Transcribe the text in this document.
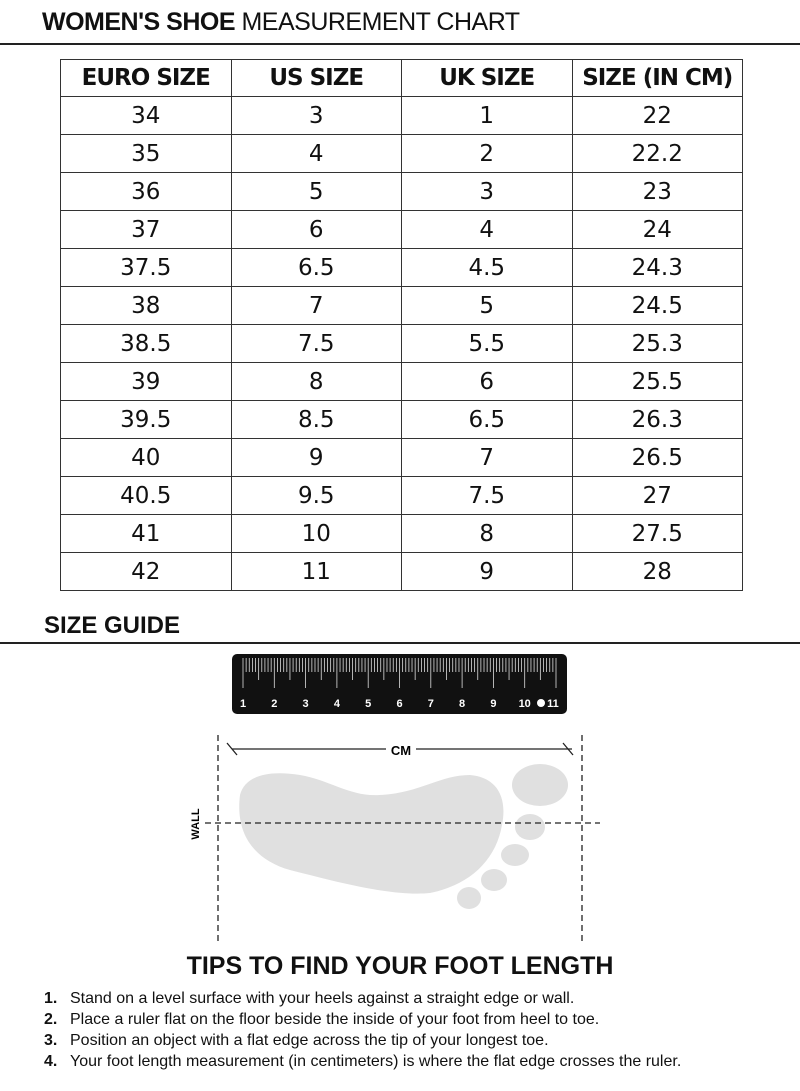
WOMEN'S SHOE MEASUREMENT CHART
EURO SIZE	US SIZE	UK SIZE	SIZE (IN CM)
34	3	1	22
35	4	2	22.2
36	5	3	23
37	6	4	24
37.5	6.5	4.5	24.3
38	7	5	24.5
38.5	7.5	5.5	25.3
39	8	6	25.5
39.5	8.5	6.5	26.3
40	9	7	26.5
40.5	9.5	7.5	27
41	10	8	27.5
42	11	9	28
SIZE GUIDE
1 2 3 4 5 6 7 8 9 10 11
CM
WALL
TIPS TO FIND YOUR FOOT LENGTH
1. Stand on a level surface with your heels against a straight edge or wall.
2. Place a ruler flat on the floor beside the inside of your foot from heel to toe.
3. Position an object with a flat edge across the tip of your longest toe.
4. Your foot length measurement (in centimeters) is where the flat edge crosses the ruler.
